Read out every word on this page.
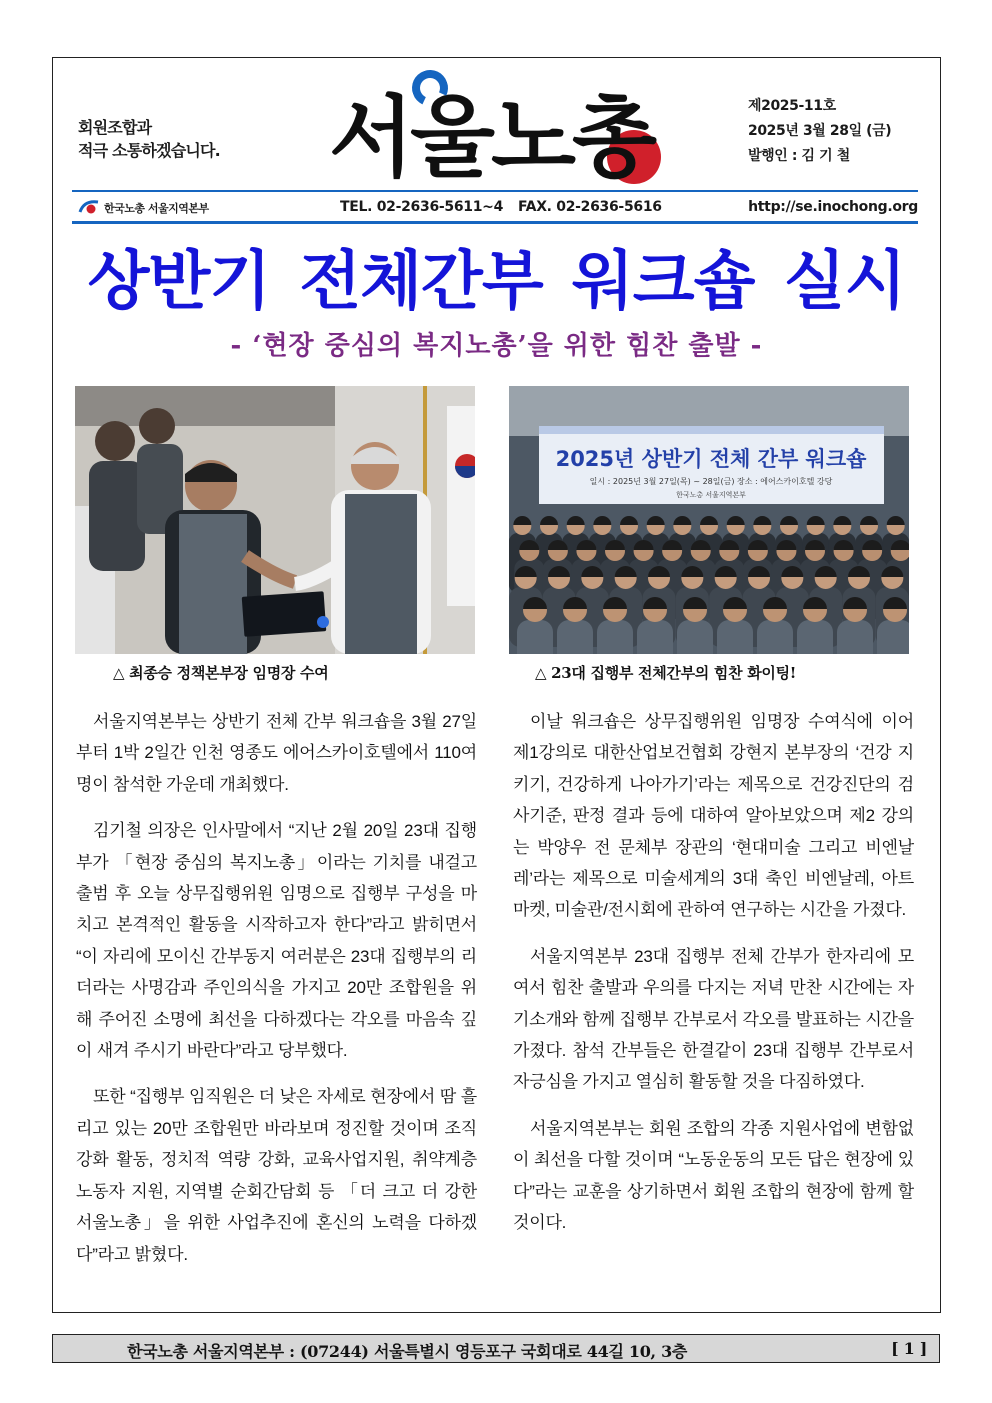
회원조합과
적극 소통하겠습니다.	서울노총	제2025-11호
2025년 3월 28일 (금)
발행인 : 김 기 철
한국노총 서울지역본부	TEL. 02-2636-5611~4 FAX. 02-2636-5616	http://se.inochong.org
상반기 전체간부 워크숍 실시
- ‘현장 중심의 복지노총’을 위한 힘찬 출발 -
△ 최종승 정책본부장 임명장 수여
2025년 상반기 전체 간부 워크숍
일시 : 2025년 3월 27일(목) ~ 28일(금) 장소 : 에어스카이호텔 강당
한국노총 서울지역본부
△ 23대 집행부 전체간부의 힘찬 화이팅!

서울지역본부는 상반기 전체 간부 워크숍을 3월 27일부터 1박 2일간 인천 영종도 에어스카이호텔에서 110여 명이 참석한 가운데 개최했다.

김기철 의장은 인사말에서 “지난 2월 20일 23대 집행부가 「현장 중심의 복지노총」이라는 기치를 내걸고 출범 후 오늘 상무집행위원 임명으로 집행부 구성을 마치고 본격적인 활동을 시작하고자 한다”라고 밝히면서 “이 자리에 모이신 간부동지 여러분은 23대 집행부의 리더라는 사명감과 주인의식을 가지고 20만 조합원을 위해 주어진 소명에 최선을 다하겠다는 각오를 마음속 깊이 새겨 주시기 바란다”라고 당부했다.

또한 “집행부 임직원은 더 낮은 자세로 현장에서 땀 흘리고 있는 20만 조합원만 바라보며 정진할 것이며 조직강화 활동, 정치적 역량 강화, 교육사업지원, 취약계층 노동자 지원, 지역별 순회간담회 등 「더 크고 더 강한 서울노총」을 위한 사업추진에 혼신의 노력을 다하겠다”라고 밝혔다.

이날 워크숍은 상무집행위원 임명장 수여식에 이어 제1강의로 대한산업보건협회 강현지 본부장의 ‘건강 지키기, 건강하게 나아가기’라는 제목으로 건강진단의 검사기준, 판정 결과 등에 대하여 알아보았으며 제2 강의는 박양우 전 문체부 장관의 ‘현대미술 그리고 비엔날레’라는 제목으로 미술세계의 3대 축인 비엔날레, 아트마켓, 미술관/전시회에 관하여 연구하는 시간을 가졌다.

서울지역본부 23대 집행부 전체 간부가 한자리에 모여서 힘찬 출발과 우의를 다지는 저녁 만찬 시간에는 자기소개와 함께 집행부 간부로서 각오를 발표하는 시간을 가졌다. 참석 간부들은 한결같이 23대 집행부 간부로서 자긍심을 가지고 열심히 활동할 것을 다짐하였다.

서울지역본부는 회원 조합의 각종 지원사업에 변함없이 최선을 다할 것이며 “노동운동의 모든 답은 현장에 있다”라는 교훈을 상기하면서 회원 조합의 현장에 함께 할 것이다.

한국노총 서울지역본부 : (07244) 서울특별시 영등포구 국회대로 44길 10, 3층	[ 1 ]
